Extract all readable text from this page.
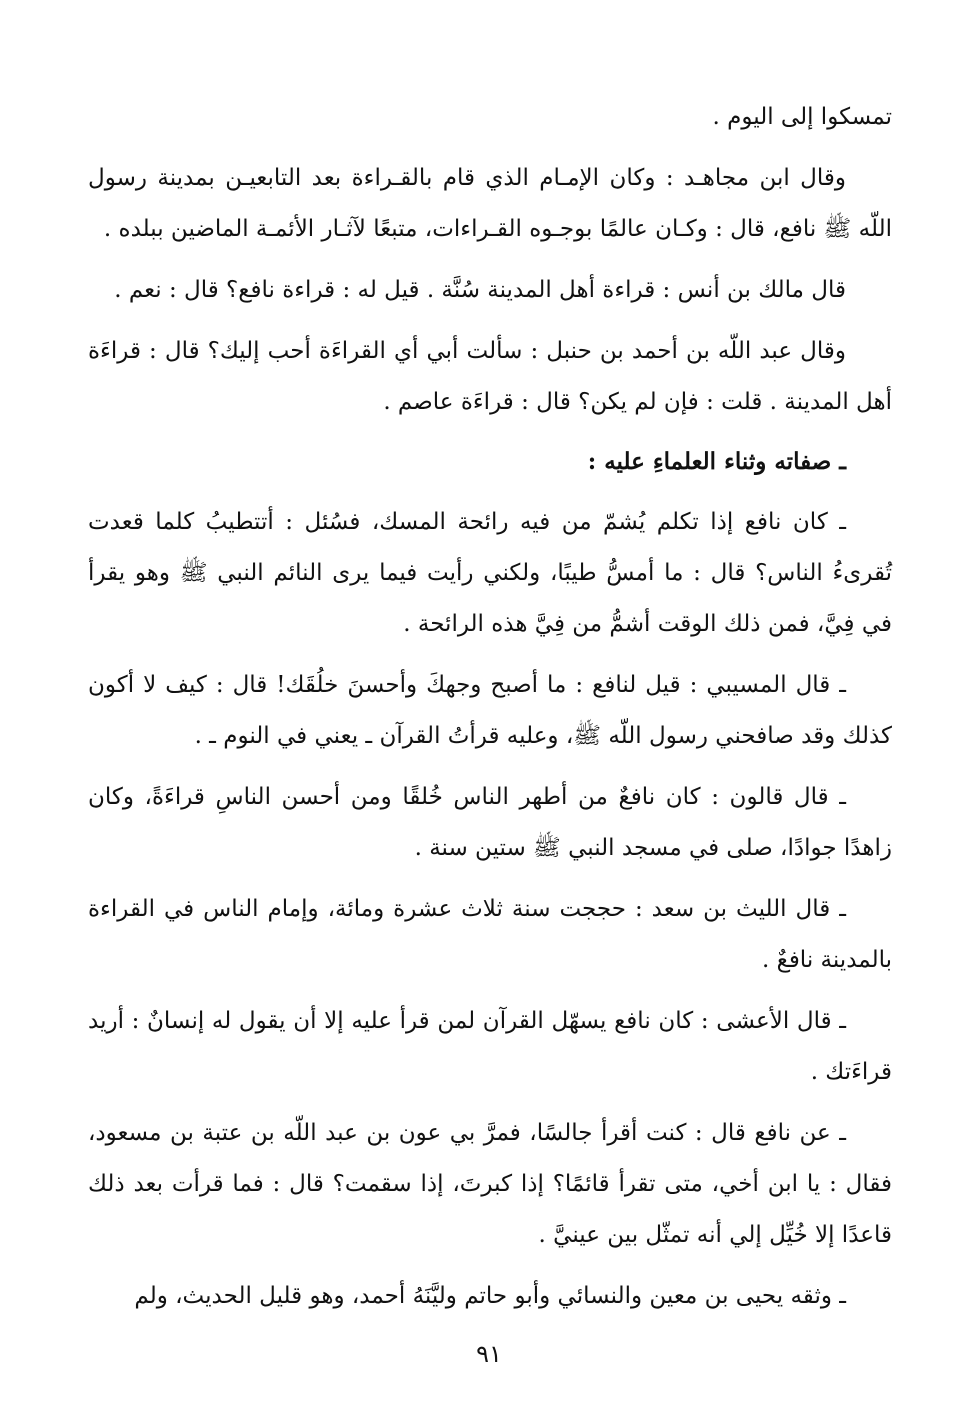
تمسكوا إلى اليوم .

وقال ابن مجاهـد : وكان الإمـام الذي قام بالقـراءة بعد التابعيـن بمدينة رسول اللّه ﷺ نافع، قال : وكـان عالمًا بوجـوه القـراءات، متبعًا لآثـار الأئمـة الماضين ببلده .

قال مالك بن أنس : قراءة أهل المدينة سُنَّة . قيل له : قراءة نافع؟ قال : نعم .

وقال عبد اللّه بن أحمد بن حنبل : سألت أبي أي القراءَة أحب إليك؟ قال : قراءَة أهل المدينة . قلت : فإن لم يكن؟ قال : قراءَة عاصم .

ـ صفاته وثناء العلماءِ عليه :

ـ كان نافع إذا تكلم يُشمّ من فيه رائحة المسك، فسُئل : أتتطيبُ كلما قعدت تُقرىءُ الناس؟ قال : ما أمسُّ طيبًا، ولكني رأيت فيما يرى النائم النبي ﷺ وهو يقرأ في فِيَّ، فمن ذلك الوقت أشمُّ من فِيَّ هذه الرائحة .

ـ قال المسيبي : قيل لنافع : ما أصبح وجهكَ وأحسنَ خلُقَك! قال : كيف لا أكون كذلك وقد صافحني رسول اللّه ﷺ، وعليه قرأتُ القرآن ـ يعني في النوم ـ .

ـ قال قالون : كان نافعٌ من أطهر الناس خُلقًا ومن أحسن الناسِ قراءَةً، وكان زاهدًا جوادًا، صلى في مسجد النبي ﷺ ستين سنة .

ـ قال الليث بن سعد : حججت سنة ثلاث عشرة ومائة، وإمام الناس في القراءة بالمدينة نافعٌ .

ـ قال الأعشى : كان نافع يسهّل القرآن لمن قرأ عليه إلا أن يقول له إنسانٌ : أريد قراءَتك .

ـ عن نافع قال : كنت أقرأ جالسًا، فمرَّ بي عون بن عبد اللّه بن عتبة بن مسعود، فقال : يا ابن أخي، متى تقرأ قائمًا؟ إذا كبرتَ، إذا سقمت؟ قال : فما قرأت بعد ذلك قاعدًا إلا خُيِّل إلي أنه تمثّل بين عينيَّ .

ـ وثقه يحيى بن معين والنسائي وأبو حاتم وليَّنَهُ أحمد، وهو قليل الحديث، ولم

٩١
